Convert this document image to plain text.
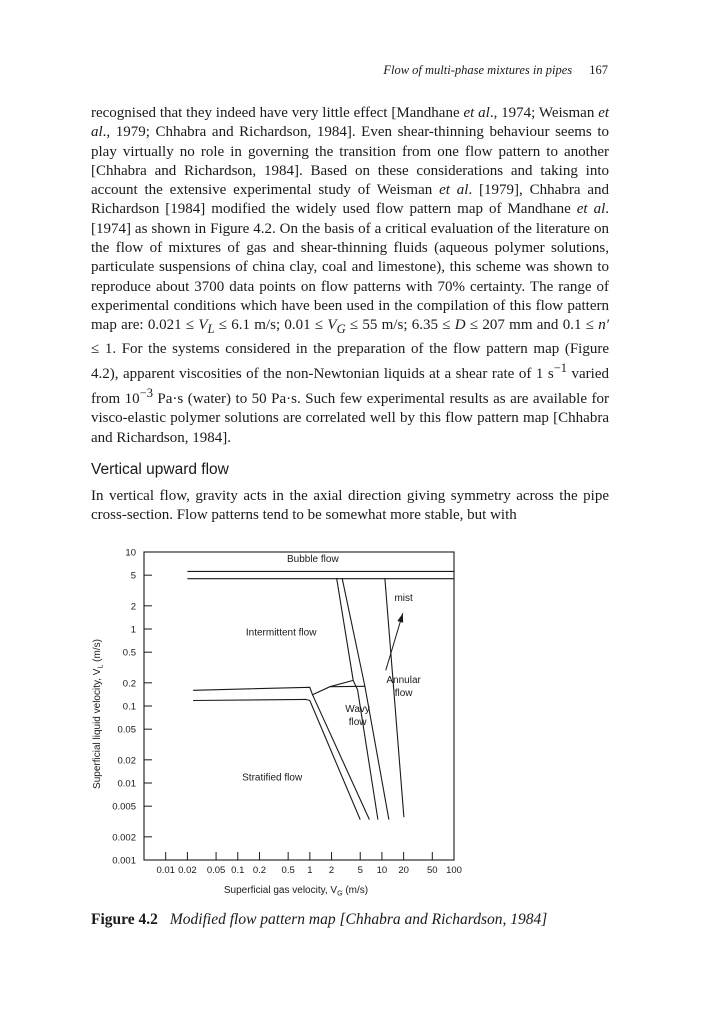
Flow of multi-phase mixtures in pipes 167
recognised that they indeed have very little effect [Mandhane et al., 1974; Weisman et al., 1979; Chhabra and Richardson, 1984]. Even shear-thinning behaviour seems to play virtually no role in governing the transition from one flow pattern to another [Chhabra and Richardson, 1984]. Based on these considerations and taking into account the extensive experimental study of Weisman et al. [1979], Chhabra and Richardson [1984] modified the widely used flow pattern map of Mandhane et al. [1974] as shown in Figure 4.2. On the basis of a critical evaluation of the literature on the flow of mixtures of gas and shear-thinning fluids (aqueous polymer solutions, particulate suspensions of china clay, coal and limestone), this scheme was shown to reproduce about 3700 data points on flow patterns with 70% certainty. The range of experimental conditions which have been used in the compilation of this flow pattern map are: $0.021 \le V_L \le 6.1$ m/s; $0.01 \le V_G \le 55$ m/s; 6.35 ≤ D ≤ 207 mm and 0.1 ≤ n′ ≤ 1. For the systems considered in the preparation of the flow pattern map (Figure 4.2), apparent viscosities of the non-Newtonian liquids at a shear rate of 1 $s^{-1}$ varied from $10^{-3}$ Pa·s (water) to 50 Pa·s. Such few experimental results as are available for visco-elastic polymer solutions are correlated well by this flow pattern map [Chhabra and Richardson, 1984].
Vertical upward flow
In vertical flow, gravity acts in the axial direction giving symmetry across the pipe cross-section. Flow patterns tend to be somewhat more stable, but with
0.001
0.002
0.005
0.01
0.02
0.05
0.1
0.2
0.5
1
2
5
10
0.01 0.02 0.05 0.1 0.2 0.5 1 2 5 10 20 50 100
Bubble flow
Intermittent flow
Stratified flow
Annular
flow
Wavy
flow
mist
Superficial gas velocity, $V_G$ (m/s)
Superficial liquid velocity, $V_L$ (m/s)
Figure 4.2 Modified flow pattern map [Chhabra and Richardson, 1984]
